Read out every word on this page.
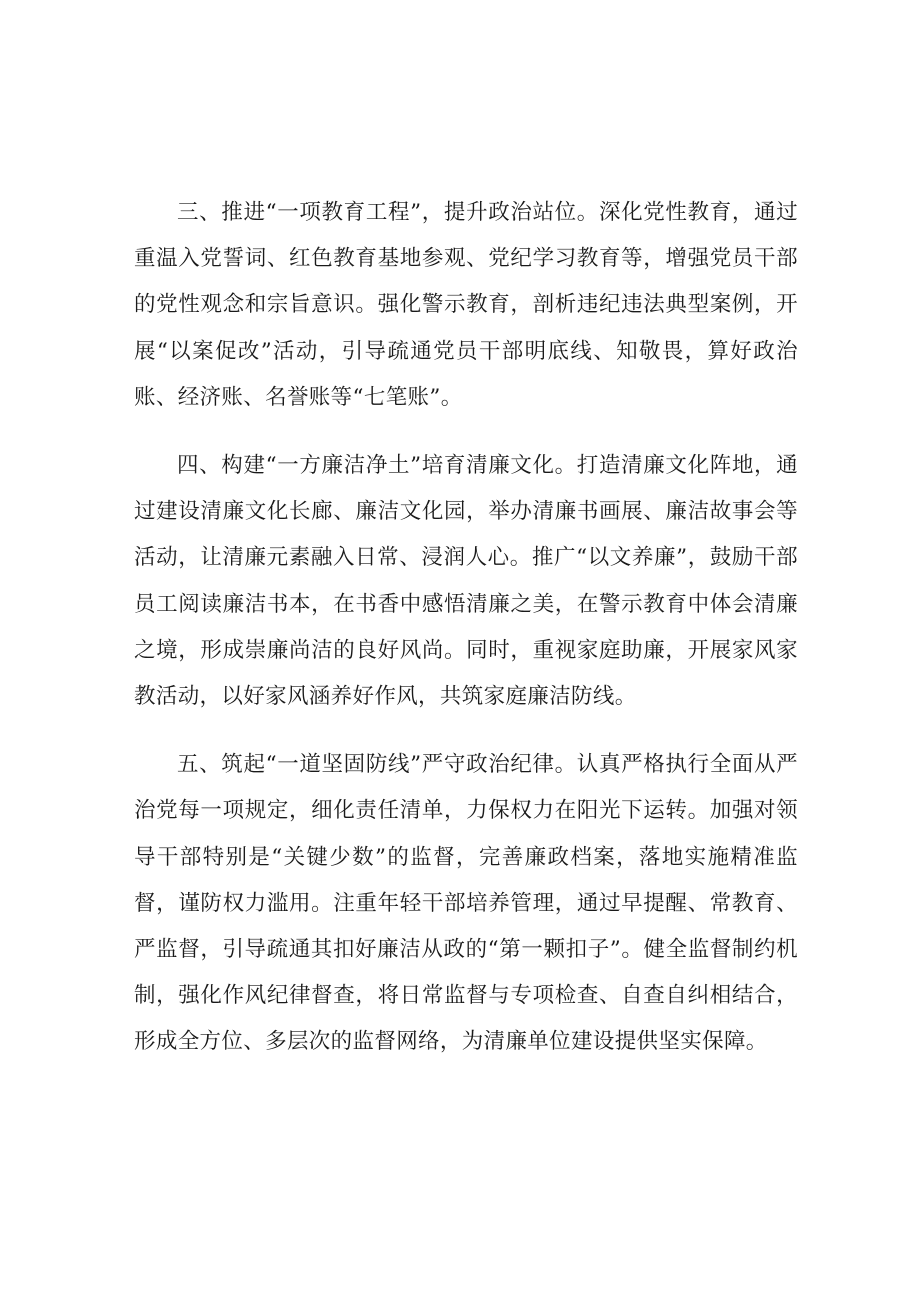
三、推进“一项教育工程”，提升政治站位。深化党性教育，通过重温入党誓词、红色教育基地参观、党纪学习教育等，增强党员干部的党性观念和宗旨意识。强化警示教育，剖析违纪违法典型案例，开展“以案促改”活动，引导疏通党员干部明底线、知敬畏，算好政治账、经济账、名誉账等“七笔账”。

四、构建“一方廉洁净土”培育清廉文化。打造清廉文化阵地，通过建设清廉文化长廊、廉洁文化园，举办清廉书画展、廉洁故事会等活动，让清廉元素融入日常、浸润人心。推广“以文养廉”，鼓励干部员工阅读廉洁书本，在书香中感悟清廉之美，在警示教育中体会清廉之境，形成崇廉尚洁的良好风尚。同时，重视家庭助廉，开展家风家教活动，以好家风涵养好作风，共筑家庭廉洁防线。

五、筑起“一道坚固防线”严守政治纪律。认真严格执行全面从严治党每一项规定，细化责任清单，力保权力在阳光下运转。加强对领导干部特别是“关键少数”的监督，完善廉政档案，落地实施精准监督，谨防权力滥用。注重年轻干部培养管理，通过早提醒、常教育、严监督，引导疏通其扣好廉洁从政的“第一颗扣子”。健全监督制约机制，强化作风纪律督查，将日常监督与专项检查、自查自纠相结合，形成全方位、多层次的监督网络，为清廉单位建设提供坚实保障。
